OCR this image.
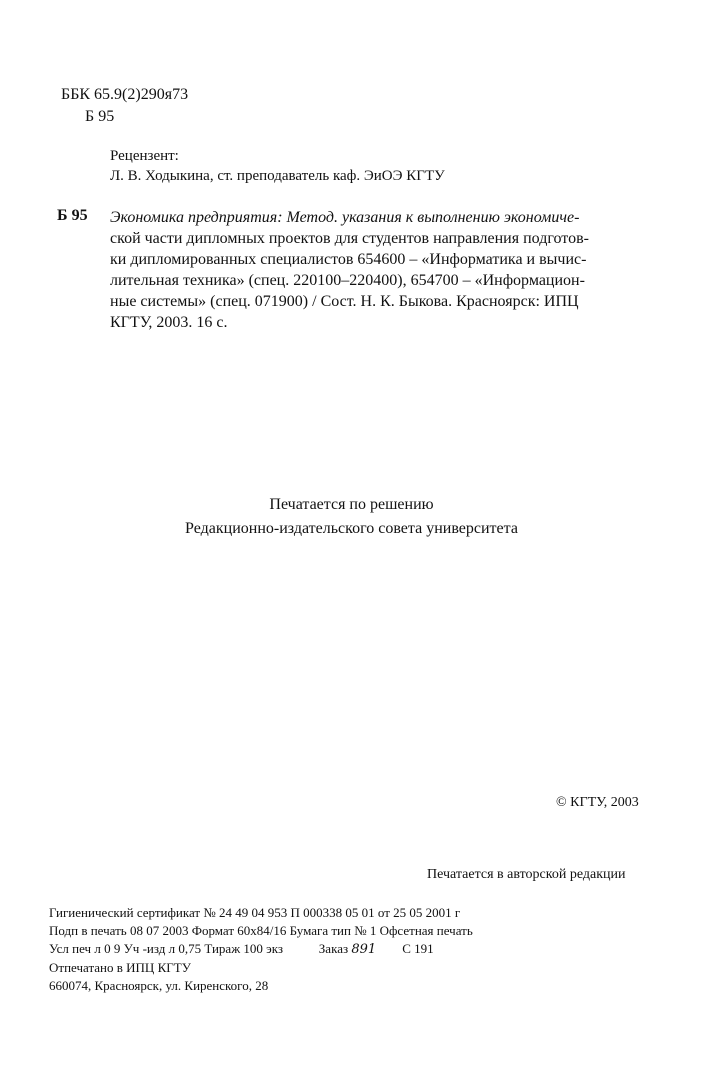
ББК 65.9(2)290я73
Б 95
Рецензент:
Л. В. Ходыкина, ст. преподаватель каф. ЭиОЭ КГТУ
Б 95 Экономика предприятия: Метод. указания к выполнению экономиче-
ской части дипломных проектов для студентов направления подготов-
ки дипломированных специалистов 654600 – «Информатика и вычис-
лительная техника» (спец. 220100–220400), 654700 – «Информацион-
ные системы» (спец. 071900) / Сост. Н. К. Быкова. Красноярск: ИПЦ
КГТУ, 2003. 16 с.
Печатается по решению
Редакционно-издательского совета университета
© КГТУ, 2003
Печатается в авторской редакции
Гигиенический сертификат № 24 49 04 953 П 000338 05 01 от 25 05 2001 г
Подп в печать 08 07 2003 Формат 60x84/16 Бумага тип № 1 Офсетная печать
Усл печ л 0 9 Уч -изд л 0,75 Тираж 100 экз	Заказ 891 С 191
Отпечатано в ИПЦ КГТУ
660074, Красноярск, ул. Киренского, 28
